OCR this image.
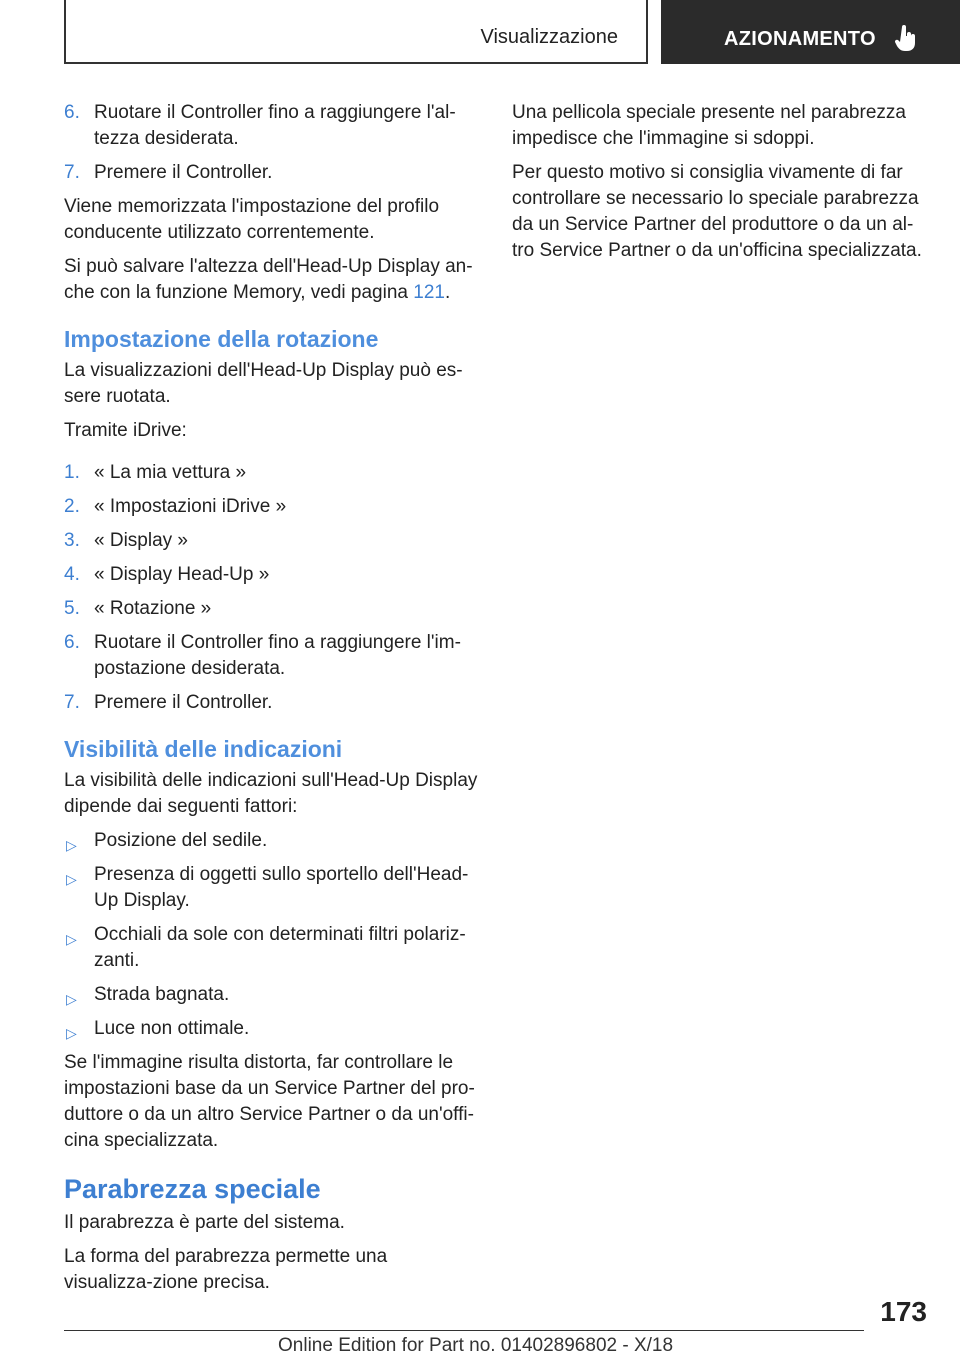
Visualizzazione	AZIONAMENTO
6. Ruotare il Controller fino a raggiungere l'al-tezza desiderata.
7. Premere il Controller.

Viene memorizzata l'impostazione del profilo conducente utilizzato correntemente.

Si può salvare l'altezza dell'Head-Up Display an-che con la funzione Memory, vedi pagina 121.

Impostazione della rotazione

La visualizzazioni dell'Head-Up Display può es-sere ruotata.

Tramite iDrive:

1. « La mia vettura »
2. « Impostazioni iDrive »
3. « Display »
4. « Display Head-Up »
5. « Rotazione »
6. Ruotare il Controller fino a raggiungere l'im-postazione desiderata.
7. Premere il Controller.
Visibilità delle indicazioni

La visibilità delle indicazioni sull'Head-Up Display dipende dai seguenti fattori:

▷ Posizione del sedile.
▷ Presenza di oggetti sullo sportello dell'Head-Up Display.
▷ Occhiali da sole con determinati filtri polariz-zanti.
▷ Strada bagnata.
▷ Luce non ottimale.

Se l'immagine risulta distorta, far controllare le impostazioni base da un Service Partner del pro-duttore o da un altro Service Partner o da un'offi-cina specializzata.

Parabrezza speciale

Il parabrezza è parte del sistema.

La forma del parabrezza permette una visualizza-zione precisa.

Una pellicola speciale presente nel parabrezza impedisce che l'immagine si sdoppi.

Per questo motivo si consiglia vivamente di far controllare se necessario lo speciale parabrezza da un Service Partner del produttore o da un al-tro Service Partner o da un'officina specializzata.

173
Online Edition for Part no. 01402896802 - X/18
